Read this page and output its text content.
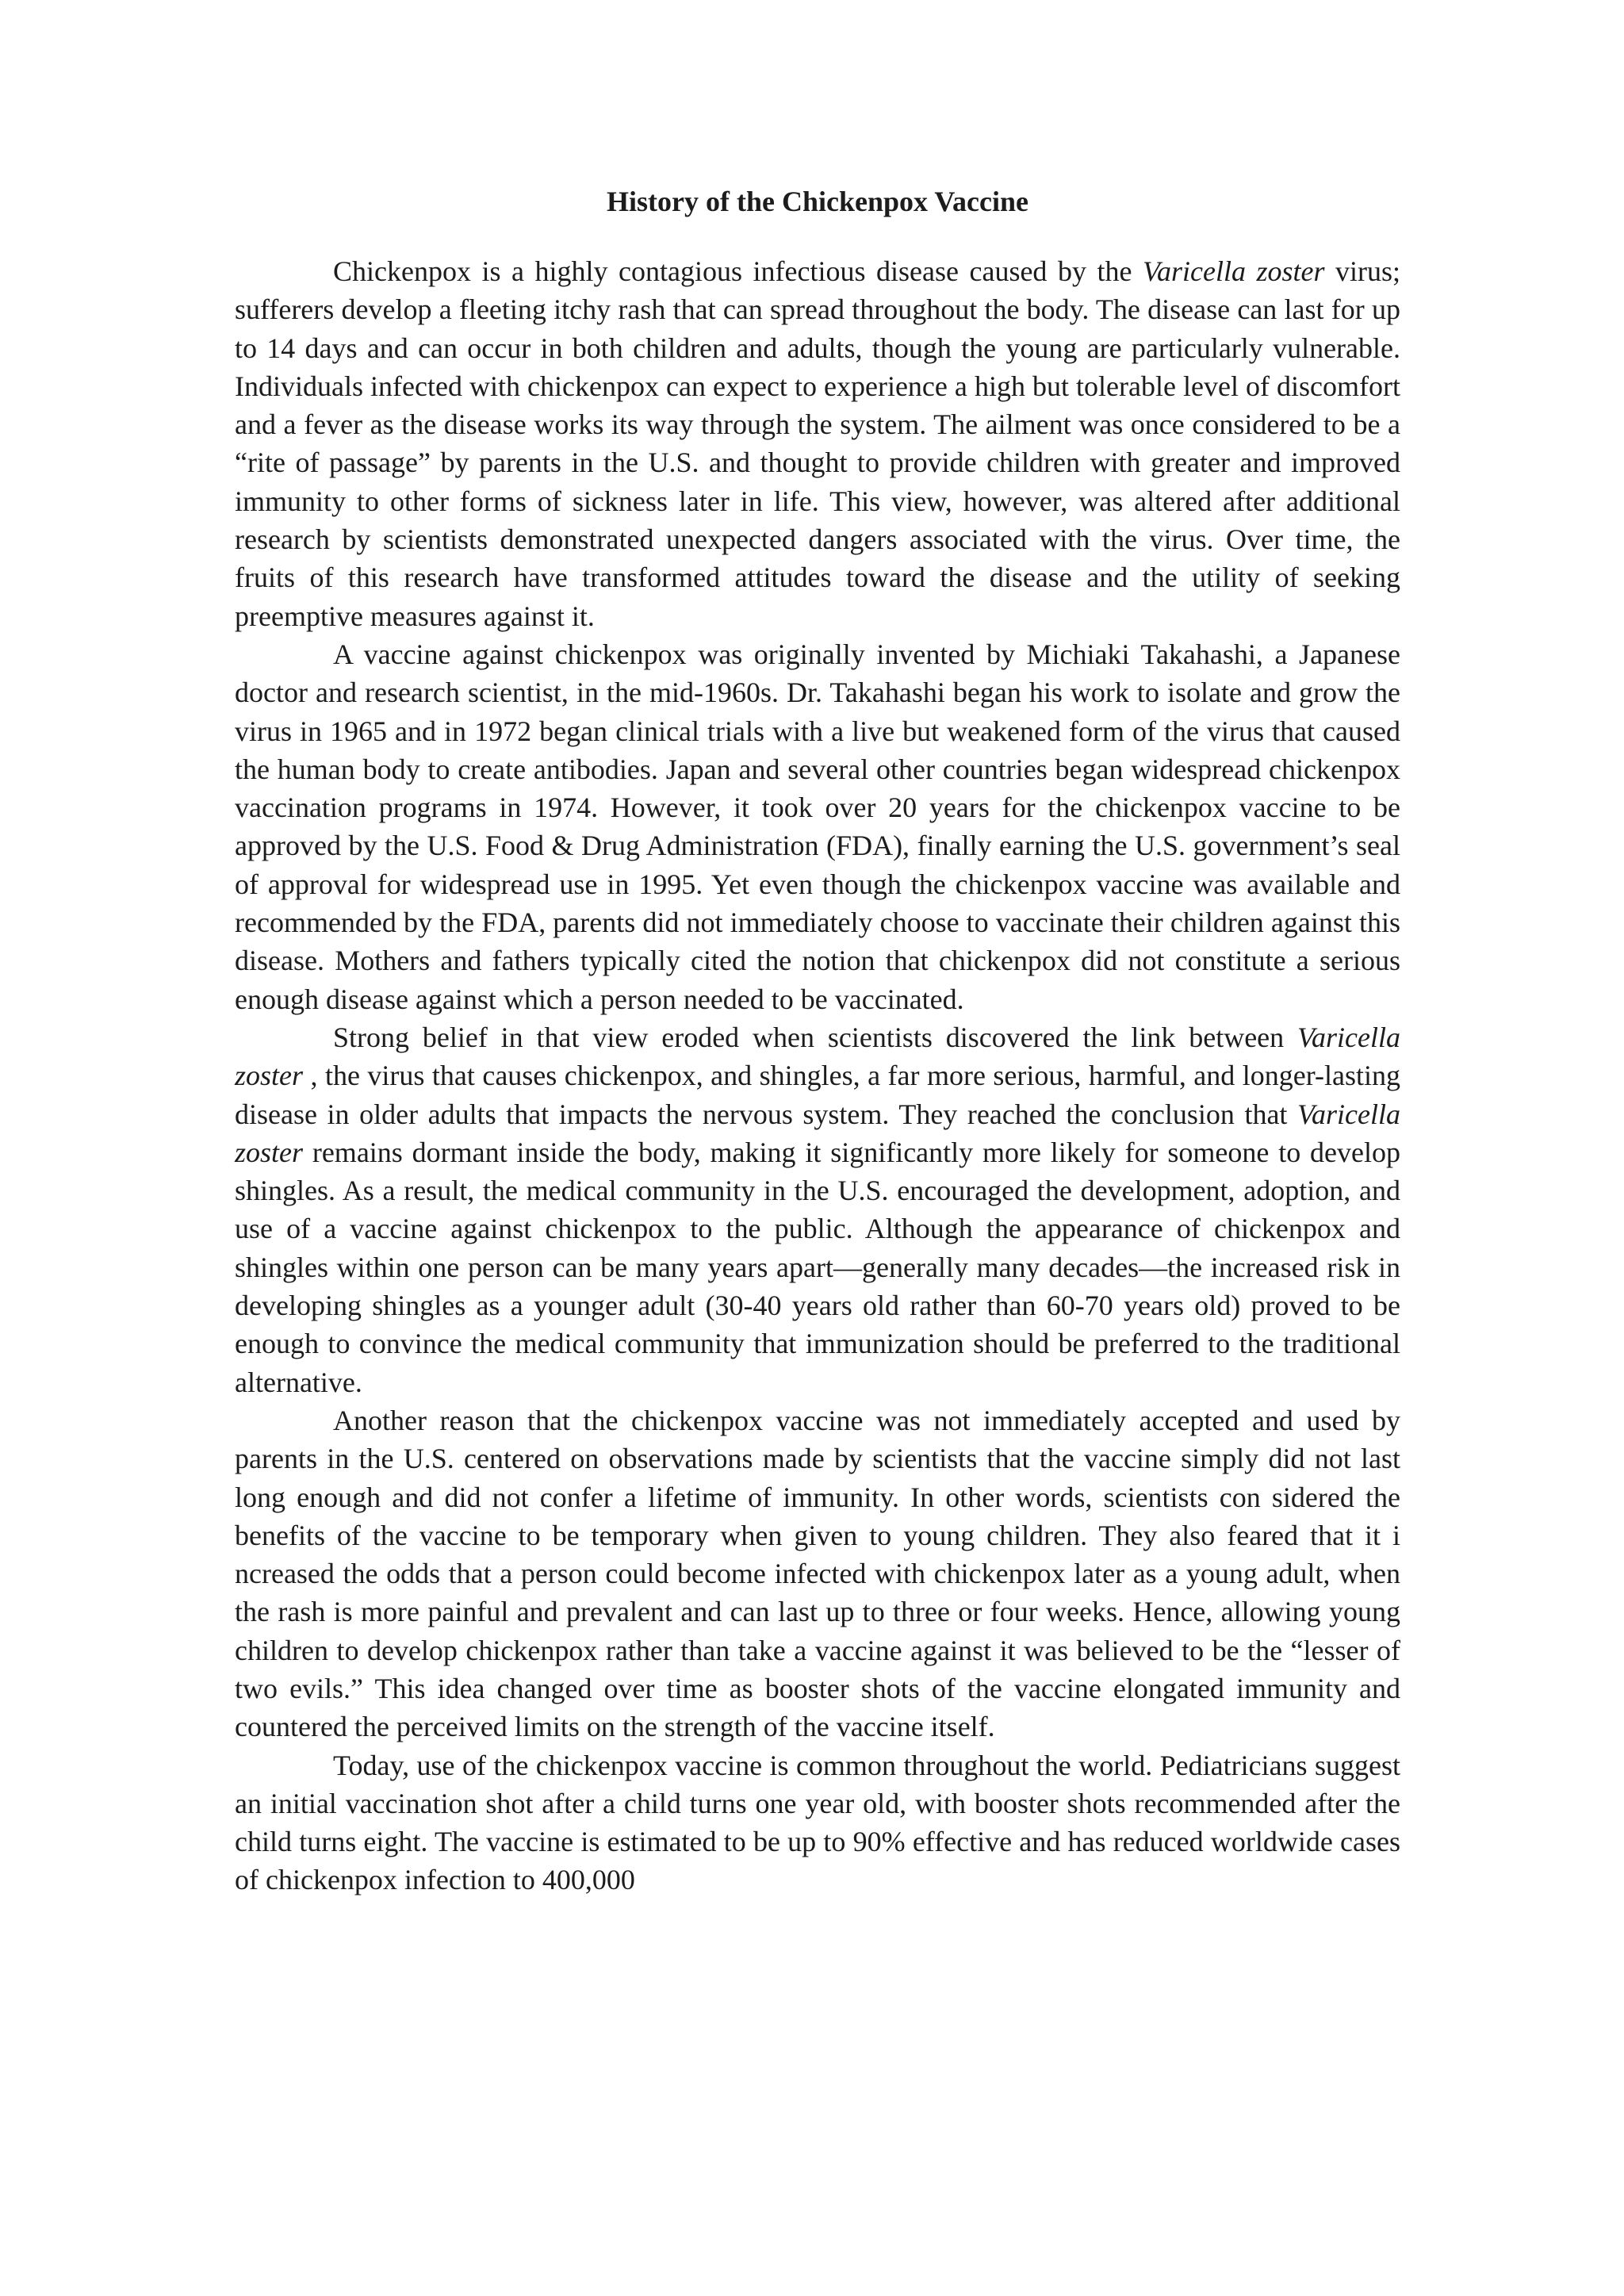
History of the Chickenpox Vaccine

Chickenpox is a highly contagious infectious disease caused by the Varicella zoster virus; sufferers develop a fleeting itchy rash that can spread throughout the body. The disease can last for up to 14 days and can occur in both children and adults, though the young are particularly vulnerable. Individuals infected with chickenpox can expect to experience a high but tolerable level of discomfort and a fever as the disease works its way through the system. The ailment was once considered to be a “rite of passage” by parents in the U.S. and thought to provide children with greater and improved immunity to other forms of sickness later in life. This view, however, was altered after additional research by scientists demonstrated unexpected dangers associated with the virus. Over time, the fruits of this research have transformed attitudes toward the disease and the utility of seeking preemptive measures against it.

A vaccine against chickenpox was originally invented by Michiaki Takahashi, a Japanese doctor and research scientist, in the mid-1960s. Dr. Takahashi began his work to isolate and grow the virus in 1965 and in 1972 began clinical trials with a live but weakened form of the virus that caused the human body to create antibodies. Japan and several other countries began widespread chickenpox vaccination programs in 1974. However, it took over 20 years for the chickenpox vaccine to be approved by the U.S. Food & Drug Administration (FDA), finally earning the U.S. government’s seal of approval for widespread use in 1995. Yet even though the chickenpox vaccine was available and recommended by the FDA, parents did not immediately choose to vaccinate their children against this disease. Mothers and fathers typically cited the notion that chickenpox did not constitute a serious enough disease against which a person needed to be vaccinated.

Strong belief in that view eroded when scientists discovered the link between Varicella zoster , the virus that causes chickenpox, and shingles, a far more serious, harmful, and longer-lasting disease in older adults that impacts the nervous system. They reached the conclusion that Varicella zoster remains dormant inside the body, making it significantly more likely for someone to develop shingles. As a result, the medical community in the U.S. encouraged the development, adoption, and use of a vaccine against chickenpox to the public. Although the appearance of chickenpox and shingles within one person can be many years apart—generally many decades—the increased risk in developing shingles as a younger adult (30-40 years old rather than 60-70 years old) proved to be enough to convince the medical community that immunization should be preferred to the traditional alternative.

Another reason that the chickenpox vaccine was not immediately accepted and used by parents in the U.S. centered on observations made by scientists that the vaccine simply did not last long enough and did not confer a lifetime of immunity. In other words, scientists con sidered the benefits of the vaccine to be temporary when given to young children. They also feared that it i ncreased the odds that a person could become infected with chickenpox later as a young adult, when the rash is more painful and prevalent and can last up to three or four weeks. Hence, allowing young children to develop chickenpox rather than take a vaccine against it was believed to be the “lesser of two evils.” This idea changed over time as booster shots of the vaccine elongated immunity and countered the perceived limits on the strength of the vaccine itself.

Today, use of the chickenpox vaccine is common throughout the world. Pediatricians suggest an initial vaccination shot after a child turns one year old, with booster shots recommended after the child turns eight. The vaccine is estimated to be up to 90% effective and has reduced worldwide cases of chickenpox infection to 400,000
